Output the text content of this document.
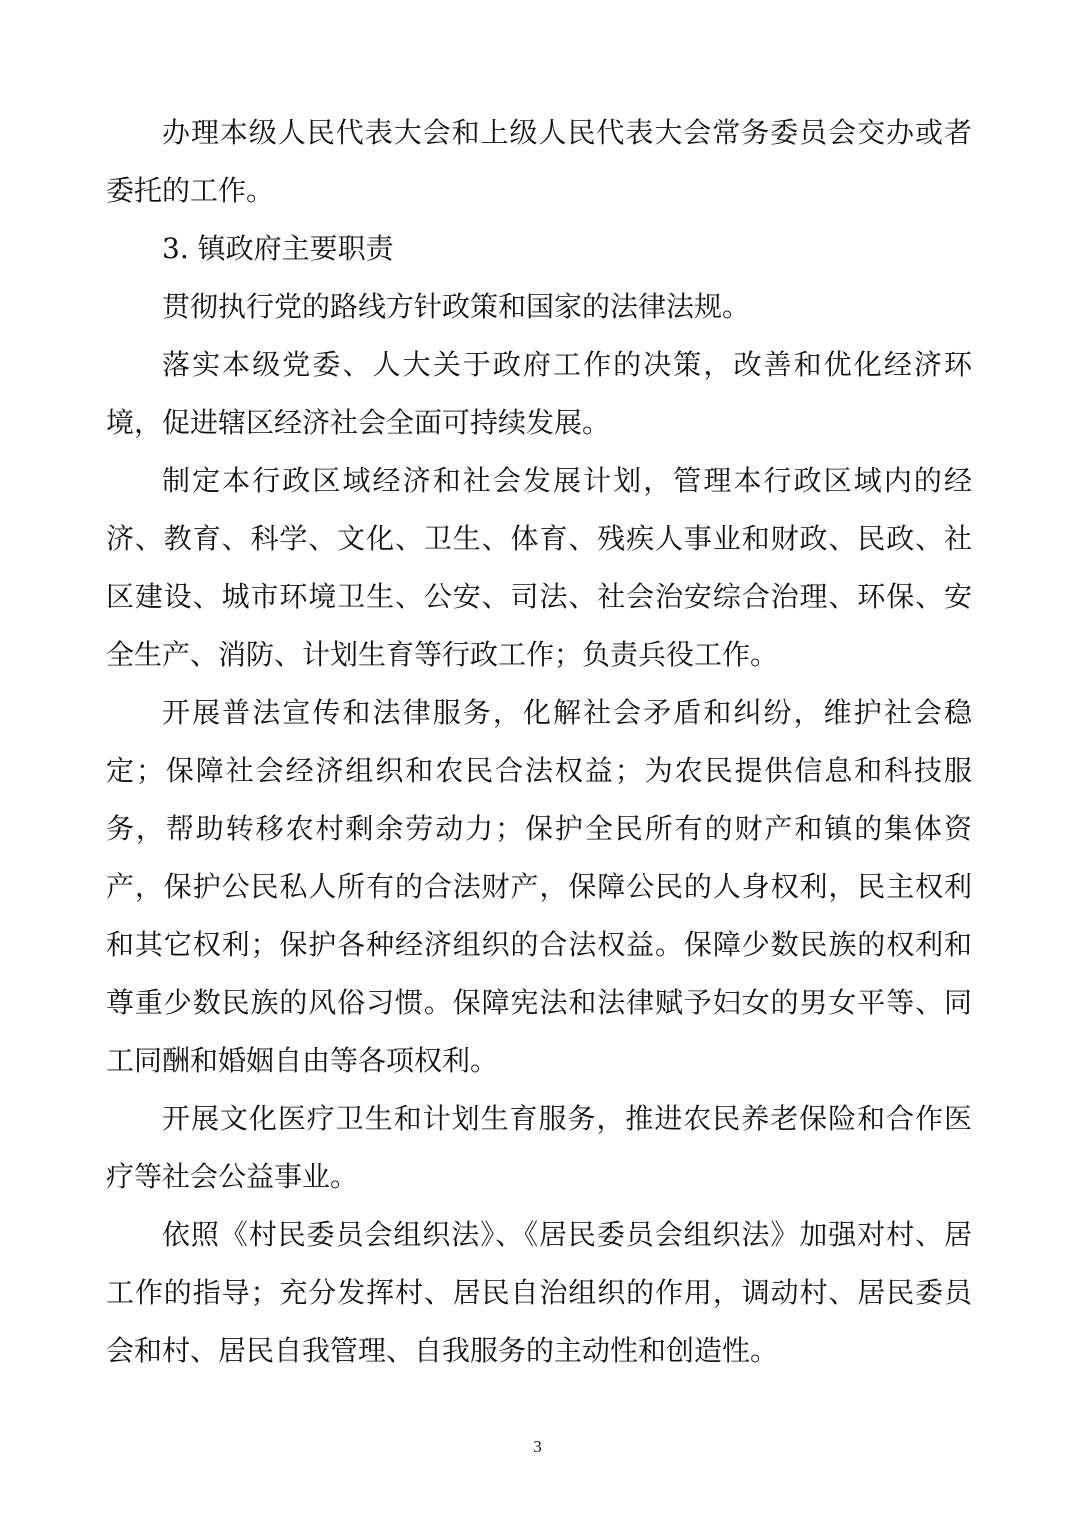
办理本级人民代表大会和上级人民代表大会常务委员会交办或者委托的工作。

3. 镇政府主要职责

贯彻执行党的路线方针政策和国家的法律法规。

落实本级党委、人大关于政府工作的决策，改善和优化经济环境，促进辖区经济社会全面可持续发展。

制定本行政区域经济和社会发展计划，管理本行政区域内的经济、教育、科学、文化、卫生、体育、残疾人事业和财政、民政、社区建设、城市环境卫生、公安、司法、社会治安综合治理、环保、安全生产、消防、计划生育等行政工作；负责兵役工作。

开展普法宣传和法律服务，化解社会矛盾和纠纷，维护社会稳定；保障社会经济组织和农民合法权益；为农民提供信息和科技服务，帮助转移农村剩余劳动力；保护全民所有的财产和镇的集体资产，保护公民私人所有的合法财产，保障公民的人身权利，民主权利和其它权利；保护各种经济组织的合法权益。保障少数民族的权利和尊重少数民族的风俗习惯。保障宪法和法律赋予妇女的男女平等、同工同酬和婚姻自由等各项权利。

开展文化医疗卫生和计划生育服务，推进农民养老保险和合作医疗等社会公益事业。

依照《村民委员会组织法》、《居民委员会组织法》加强对村、居工作的指导；充分发挥村、居民自治组织的作用，调动村、居民委员会和村、居民自我管理、自我服务的主动性和创造性。

3
